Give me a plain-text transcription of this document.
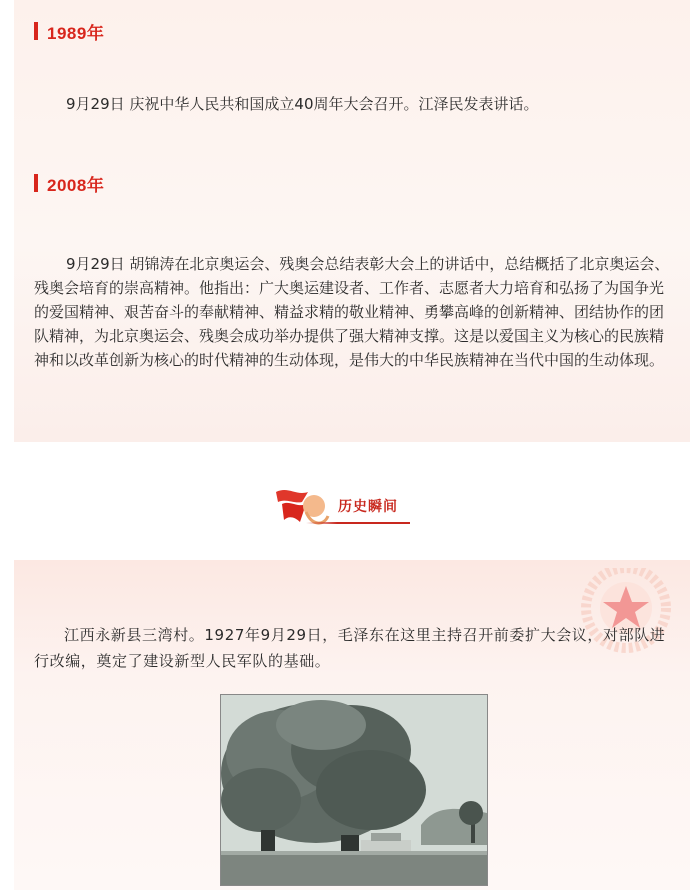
1989年

9月29日 庆祝中华人民共和国成立40周年大会召开。江泽民发表讲话。

2008年

9月29日 胡锦涛在北京奥运会、残奥会总结表彰大会上的讲话中，总结概括了北京奥运会、残奥会培育的崇高精神。他指出：广大奥运建设者、工作者、志愿者大力培育和弘扬了为国争光的爱国精神、艰苦奋斗的奉献精神、精益求精的敬业精神、勇攀高峰的创新精神、团结协作的团队精神，为北京奥运会、残奥会成功举办提供了强大精神支撑。这是以爱国主义为核心的民族精神和以改革创新为核心的时代精神的生动体现，是伟大的中华民族精神在当代中国的生动体现。

历史瞬间

江西永新县三湾村。1927年9月29日，毛泽东在这里主持召开前委扩大会议，对部队进行改编，奠定了建设新型人民军队的基础。
